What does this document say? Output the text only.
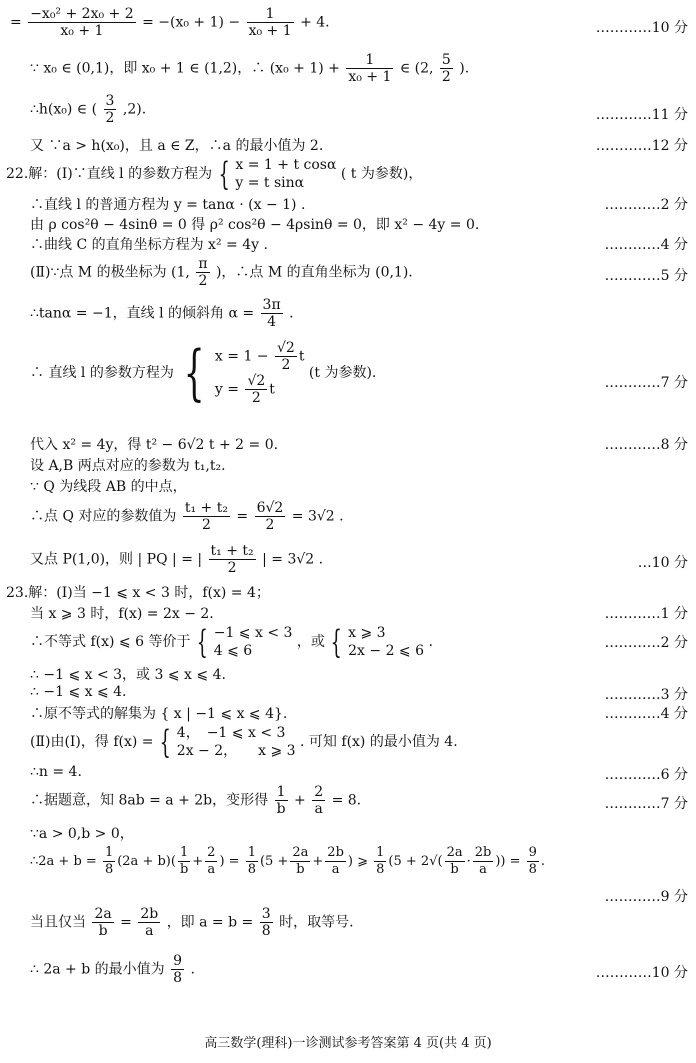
= $\frac{\text{−x₀² + 2x₀ + 2}}{\text{x₀ + 1}} = -(x_0 + 1) - \frac{1}{\text{x₀ + 1}} + 4$.	…………10 分
∵ x₀ ∈ (0,1)，即 x₀ + 1 ∈ (1,2)，∴ $(x_0 + 1) + \frac{1}{\text{x₀ + 1}}$ ∈ (2, $\frac{5}{2}$ ).
∴h(x₀) ∈ ( $\frac{3}{2} ,2$).	…………11 分
又 ∵a > h(x₀)，且 a ∈ Z，∴a 的最小值为 2.	…………12 分
22.解：(Ⅰ)∵直线 l 的参数方程为 { x = 1 + t cosα
y = t sinα
( t 为参数)，
∴直线 l 的普通方程为 y = tanα · (x − 1) .	…………2 分
由 ρ cos²θ − 4sinθ = 0 得 ρ² cos²θ − 4ρsinθ = 0，即 x² − 4y = 0.
∴曲线 C 的直角坐标方程为 x² = 4y .	…………4 分
(Ⅱ)∵点 M 的极坐标为 (1, $\frac{\pi}{2}$ )，∴点 M 的直角坐标为 (0,1).	…………5 分
∴tanα = −1，直线 l 的倾斜角 $\alpha = \frac{3\pi}{4}$ .
∴ 直线 l 的参数方程为 { $x = 1 - \frac{√2}{2}$ t
$y = \frac{√2}{2}$ t
(t 为参数).
…………7 分
代入 x² = 4y，得 t² − 6√2 t + 2 = 0.	…………8 分
设 A,B 两点对应的参数为 t₁,t₂.
∵ Q 为线段 AB 的中点，
∴点 Q 对应的参数值为 $\frac{\text{t₁ + t₂}}{2} = \frac{6√2}{2} = 3√2$ .
又点 P(1,0)，则 | PQ | = | $\frac{\text{t₁ + t₂}}{2}$ | = 3√2 .	…10 分
23.解：(Ⅰ)当 −1 ⩽ x < 3 时，f(x) = 4；
当 x ⩾ 3 时，f(x) = 2x − 2.	…………1 分
∴不等式 f(x) ⩽ 6 等价于 { −1 ⩽ x < 3
4 ⩽ 6
，或 { x ⩾ 3
2x − 2 ⩽ 6
.	…………2 分
∴ −1 ⩽ x < 3，或 3 ⩽ x ⩽ 4.
∴ −1 ⩽ x ⩽ 4.	…………3 分
∴原不等式的解集为 { x | −1 ⩽ x ⩽ 4}.	…………4 分
(Ⅱ)由(Ⅰ)，得 f(x) = { 4，　−1 ⩽ x < 3
2x − 2，　　x ⩾ 3
. 可知 f(x) 的最小值为 4.
∴n = 4.	…………6 分
∴据题意，知 8ab = a + 2b，变形得 $\frac{1}{b} + \frac{2}{a} = 8$.	…………7 分
∵a > 0,b > 0，
∴2a + $b = \frac{1}{8} (2a + b)( \frac{1}{b} + \frac{2}{a}$ ) = $\frac{1}{8} (5 + \frac{2a}{b} + \frac{2b}{a}$ ) ⩾ $\frac{1}{8} (5 + 2√( \frac{2a}{b} \cdot \frac{2b}{a}$ )) = $\frac{9}{8}$ .
…………9 分
当且仅当 $\frac{2a}{b} = \frac{2b}{a}$ ，即 $a = b = \frac{3}{8}$ 时，取等号.
∴ 2a + b 的最小值为 $\frac{9}{8}$ .	…………10 分
高三数学(理科)一诊测试参考答案第 4 页(共 4 页)
